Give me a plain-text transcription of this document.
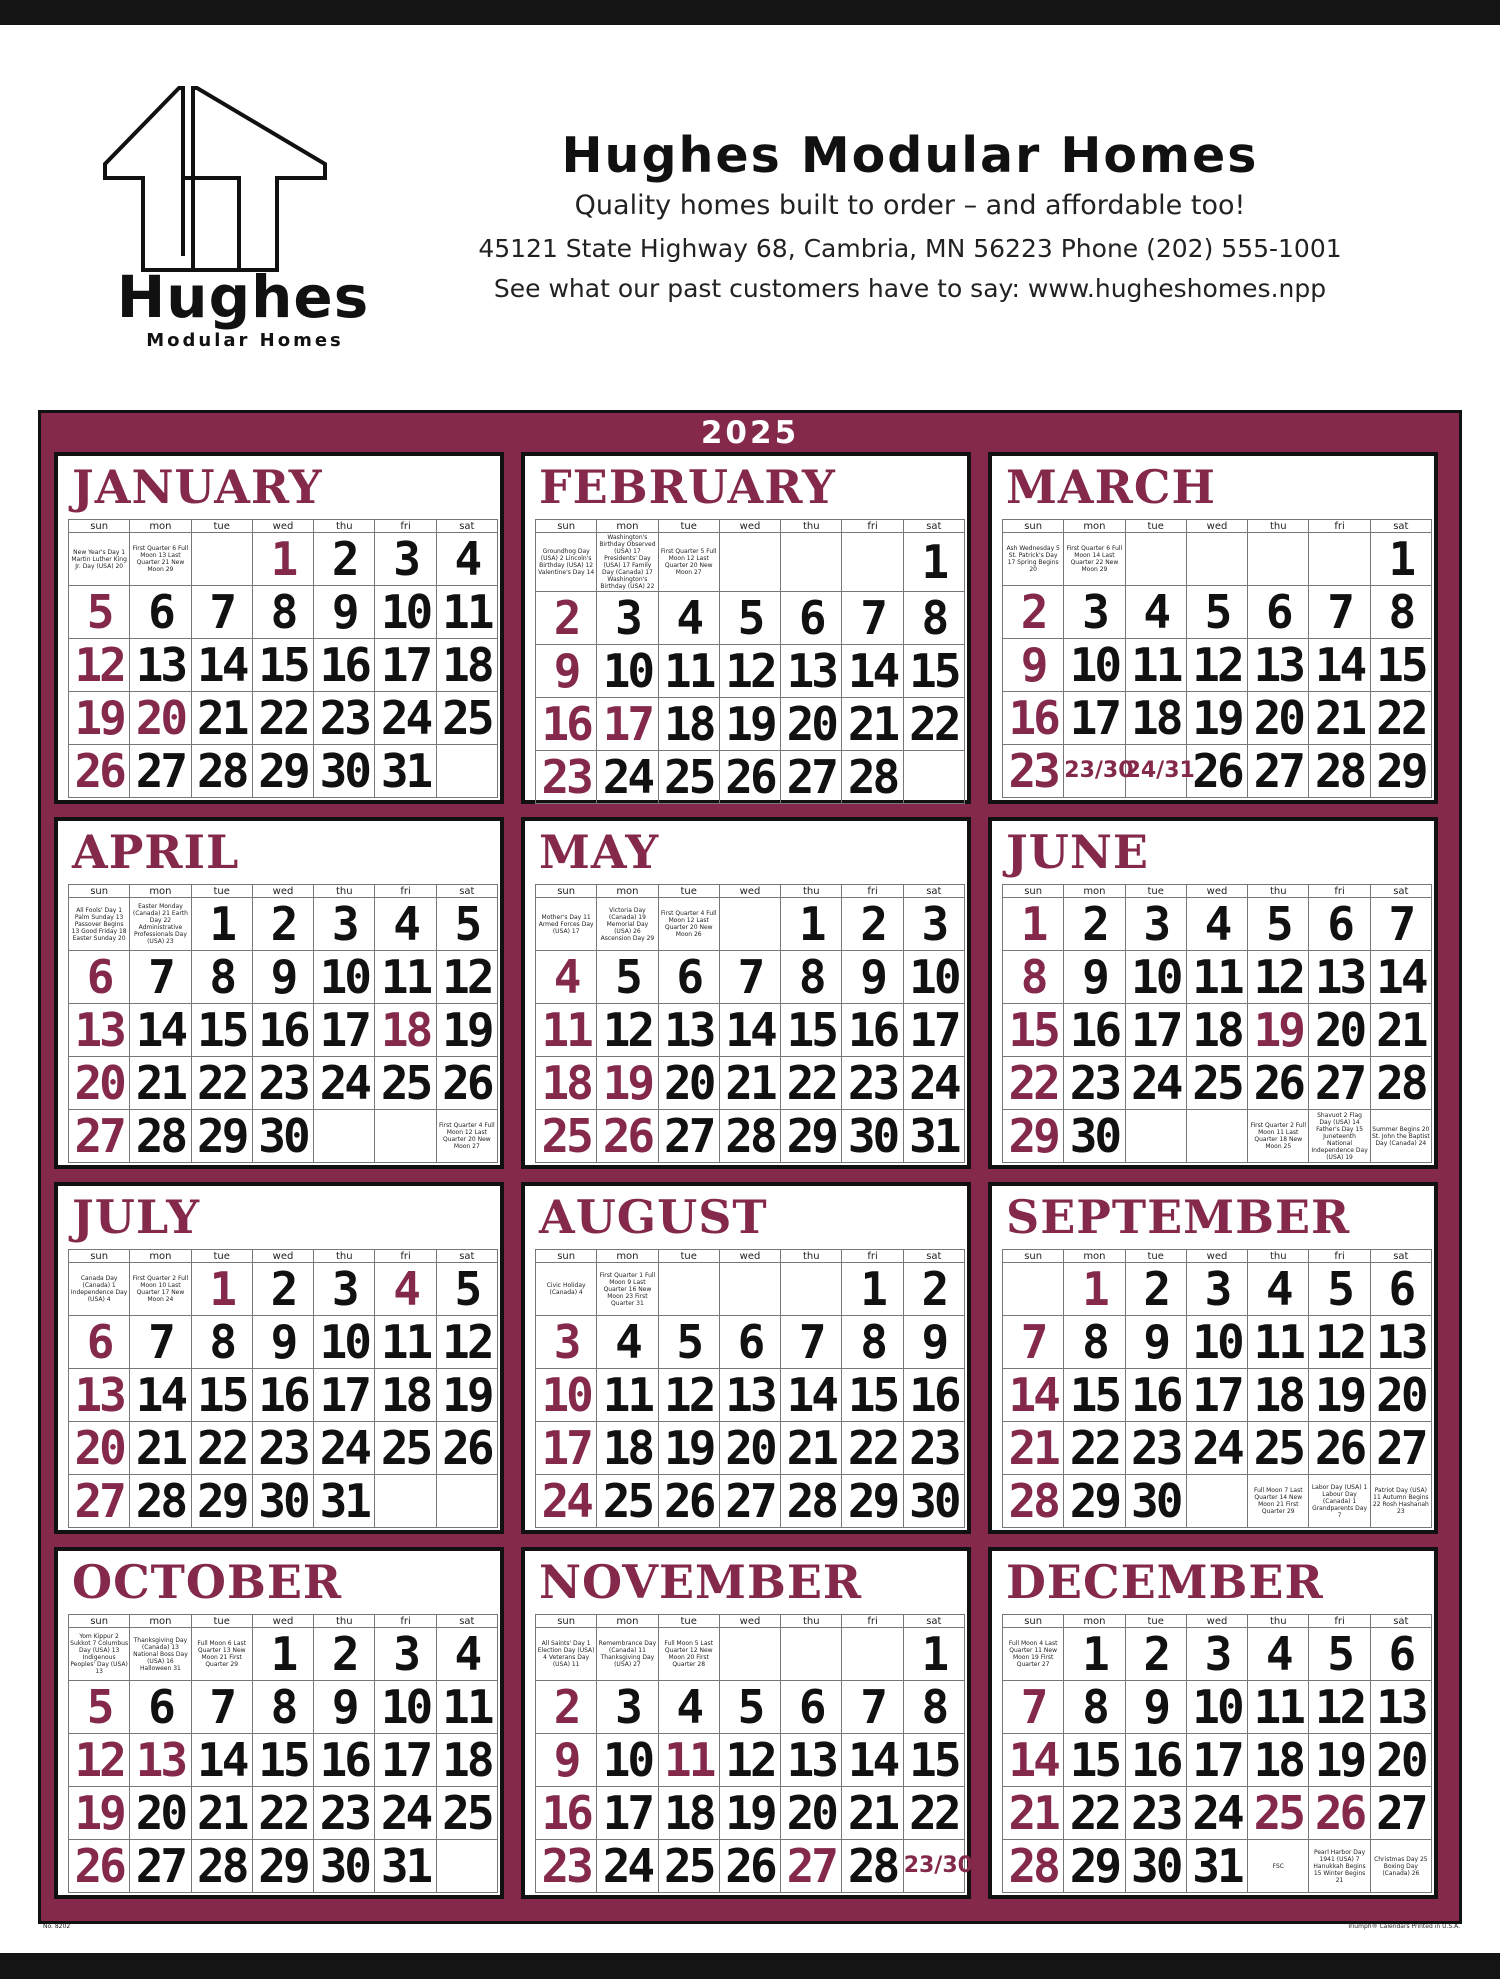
Hughes
Modular Homes
Hughes Modular Homes
Quality homes built to order – and affordable too!
45121 State Highway 68, Cambria, MN 56223 Phone (202) 555-1001
See what our past customers have to say: www.hugheshomes.npp
2025
JANUARY
sun	mon	tue	wed	thu	fri	sat

New Year's Day 1 Martin Luther King Jr. Day (USA) 20	First Quarter 6 Full Moon 13 Last Quarter 21 New Moon 29		1	2	3	4

5	6	7	8	9	10	11

12	13	14	15	16	17	18

19	20	21	22	23	24	25

26	27	28	29	30	31	

FEBRUARY
sun	mon	tue	wed	thu	fri	sat

Groundhog Day (USA) 2 Lincoln's Birthday (USA) 12 Valentine's Day 14	Washington's Birthday Observed (USA) 17 Presidents' Day (USA) 17 Family Day (Canada) 17 Washington's Birthday (USA) 22	First Quarter 5 Full Moon 12 Last Quarter 20 New Moon 27				1

2	3	4	5	6	7	8

9	10	11	12	13	14	15

16	17	18	19	20	21	22

23	24	25	26	27	28	

MARCH
sun	mon	tue	wed	thu	fri	sat

Ash Wednesday 5 St. Patrick's Day 17 Spring Begins 20	First Quarter 6 Full Moon 14 Last Quarter 22 New Moon 29					1

2	3	4	5	6	7	8

9	10	11	12	13	14	15

16	17	18	19	20	21	22

23	23/30	24/31	26	27	28	29
APRIL
sun	mon	tue	wed	thu	fri	sat

All Fools' Day 1 Palm Sunday 13 Passover Begins 13 Good Friday 18 Easter Sunday 20	Easter Monday (Canada) 21 Earth Day 22 Administrative Professionals Day (USA) 23	1	2	3	4	5

6	7	8	9	10	11	12

13	14	15	16	17	18	19

20	21	22	23	24	25	26

27	28	29	30			First Quarter 4 Full Moon 12 Last Quarter 20 New Moon 27
MAY
sun	mon	tue	wed	thu	fri	sat

Mother's Day 11 Armed Forces Day (USA) 17	Victoria Day (Canada) 19 Memorial Day (USA) 26 Ascension Day 29	First Quarter 4 Full Moon 12 Last Quarter 20 New Moon 26		1	2	3

4	5	6	7	8	9	10

11	12	13	14	15	16	17

18	19	20	21	22	23	24

25	26	27	28	29	30	31
JUNE
sun	mon	tue	wed	thu	fri	sat

1	2	3	4	5	6	7

8	9	10	11	12	13	14

15	16	17	18	19	20	21

22	23	24	25	26	27	28

29	30			First Quarter 2 Full Moon 11 Last Quarter 18 New Moon 25	Shavuot 2 Flag Day (USA) 14 Father's Day 15 Juneteenth National Independence Day (USA) 19	Summer Begins 20 St. John the Baptist Day (Canada) 24
JULY
sun	mon	tue	wed	thu	fri	sat

Canada Day (Canada) 1 Independence Day (USA) 4	First Quarter 2 Full Moon 10 Last Quarter 17 New Moon 24	1	2	3	4	5

6	7	8	9	10	11	12

13	14	15	16	17	18	19

20	21	22	23	24	25	26

27	28	29	30	31		

AUGUST
sun	mon	tue	wed	thu	fri	sat

Civic Holiday (Canada) 4	First Quarter 1 Full Moon 9 Last Quarter 16 New Moon 23 First Quarter 31				1	2

3	4	5	6	7	8	9

10	11	12	13	14	15	16

17	18	19	20	21	22	23

24	25	26	27	28	29	30
SEPTEMBER
sun	mon	tue	wed	thu	fri	sat

	1	2	3	4	5	6

7	8	9	10	11	12	13

14	15	16	17	18	19	20

21	22	23	24	25	26	27

28	29	30		Full Moon 7 Last Quarter 14 New Moon 21 First Quarter 29	Labor Day (USA) 1 Labour Day (Canada) 1 Grandparents Day 7	Patriot Day (USA) 11 Autumn Begins 22 Rosh Hashanah 23
OCTOBER
sun	mon	tue	wed	thu	fri	sat

Yom Kippur 2 Sukkot 7 Columbus Day (USA) 13 Indigenous Peoples' Day (USA) 13	Thanksgiving Day (Canada) 13 National Boss Day (USA) 16 Halloween 31	Full Moon 6 Last Quarter 13 New Moon 21 First Quarter 29	1	2	3	4

5	6	7	8	9	10	11

12	13	14	15	16	17	18

19	20	21	22	23	24	25

26	27	28	29	30	31	

NOVEMBER
sun	mon	tue	wed	thu	fri	sat

All Saints' Day 1 Election Day (USA) 4 Veterans Day (USA) 11	Remembrance Day (Canada) 11 Thanksgiving Day (USA) 27	Full Moon 5 Last Quarter 12 New Moon 20 First Quarter 28				1

2	3	4	5	6	7	8

9	10	11	12	13	14	15

16	17	18	19	20	21	22

23	24	25	26	27	28	23/30
DECEMBER
sun	mon	tue	wed	thu	fri	sat

Full Moon 4 Last Quarter 11 New Moon 19 First Quarter 27	1	2	3	4	5	6

7	8	9	10	11	12	13

14	15	16	17	18	19	20

21	22	23	24	25	26	27

28	29	30	31	FSC	Pearl Harbor Day 1941 (USA) 7 Hanukkah Begins 15 Winter Begins 21	Christmas Day 25 Boxing Day (Canada) 26
No. 8202	Triumph® Calendars Printed in U.S.A.
